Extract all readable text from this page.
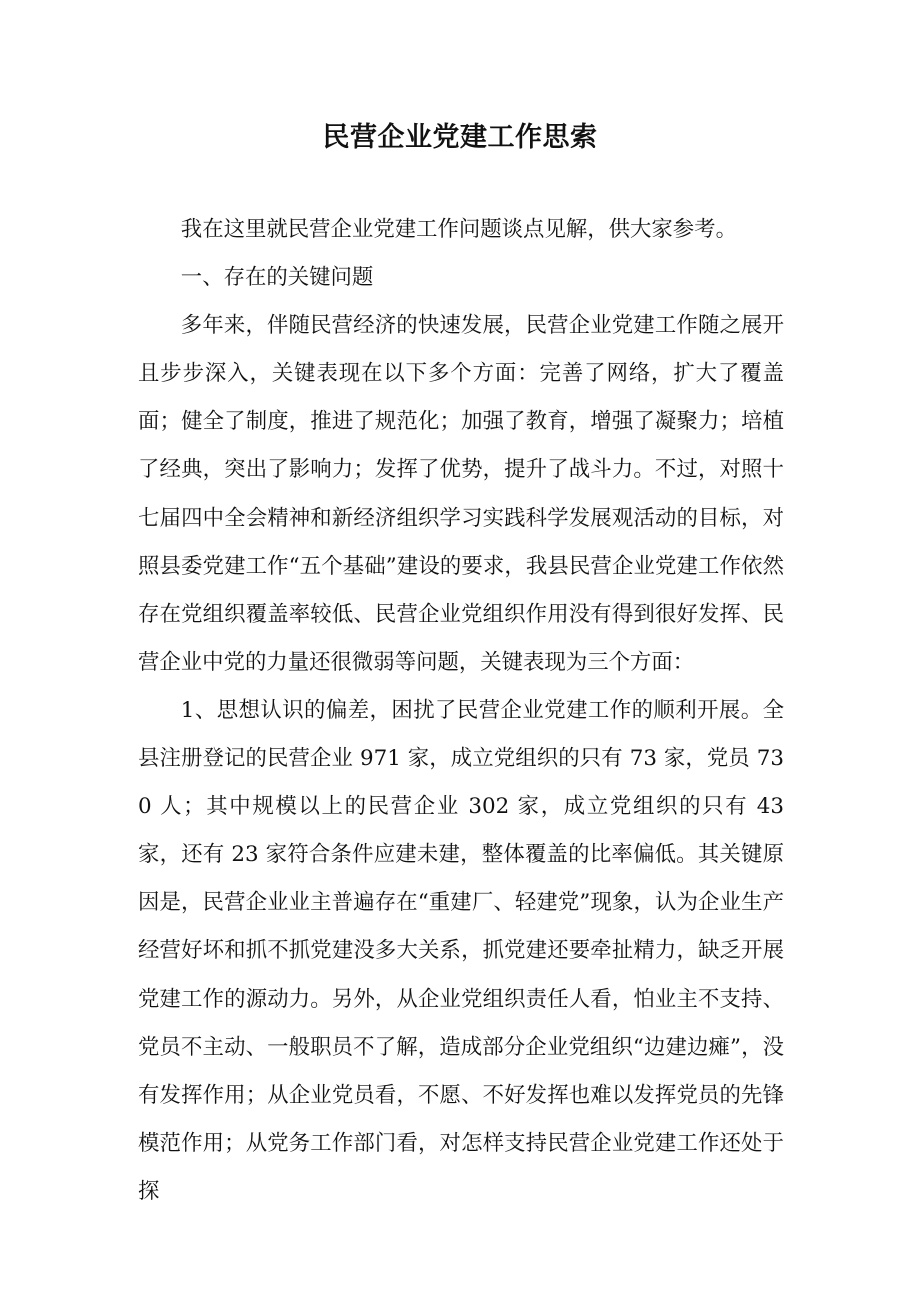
民营企业党建工作思索

我在这里就民营企业党建工作问题谈点见解，供大家参考。

一、存在的关键问题

多年来，伴随民营经济的快速发展，民营企业党建工作随之展开且步步深入，关键表现在以下多个方面：完善了网络，扩大了覆盖面；健全了制度，推进了规范化；加强了教育，增强了凝聚力；培植了经典，突出了影响力；发挥了优势，提升了战斗力。不过，对照十七届四中全会精神和新经济组织学习实践科学发展观活动的目标，对照县委党建工作“五个基础”建设的要求，我县民营企业党建工作依然存在党组织覆盖率较低、民营企业党组织作用没有得到很好发挥、民营企业中党的力量还很微弱等问题，关键表现为三个方面：

1、思想认识的偏差，困扰了民营企业党建工作的顺利开展。全县注册登记的民营企业 971 家，成立党组织的只有 73 家，党员 730 人；其中规模以上的民营企业 302 家，成立党组织的只有 43 家，还有 23 家符合条件应建未建，整体覆盖的比率偏低。其关键原因是，民营企业业主普遍存在“重建厂、轻建党”现象，认为企业生产经营好坏和抓不抓党建没多大关系，抓党建还要牵扯精力，缺乏开展党建工作的源动力。另外，从企业党组织责任人看，怕业主不支持、党员不主动、一般职员不了解，造成部分企业党组织“边建边瘫”，没有发挥作用；从企业党员看，不愿、不好发挥也难以发挥党员的先锋模范作用；从党务工作部门看，对怎样支持民营企业党建工作还处于探
